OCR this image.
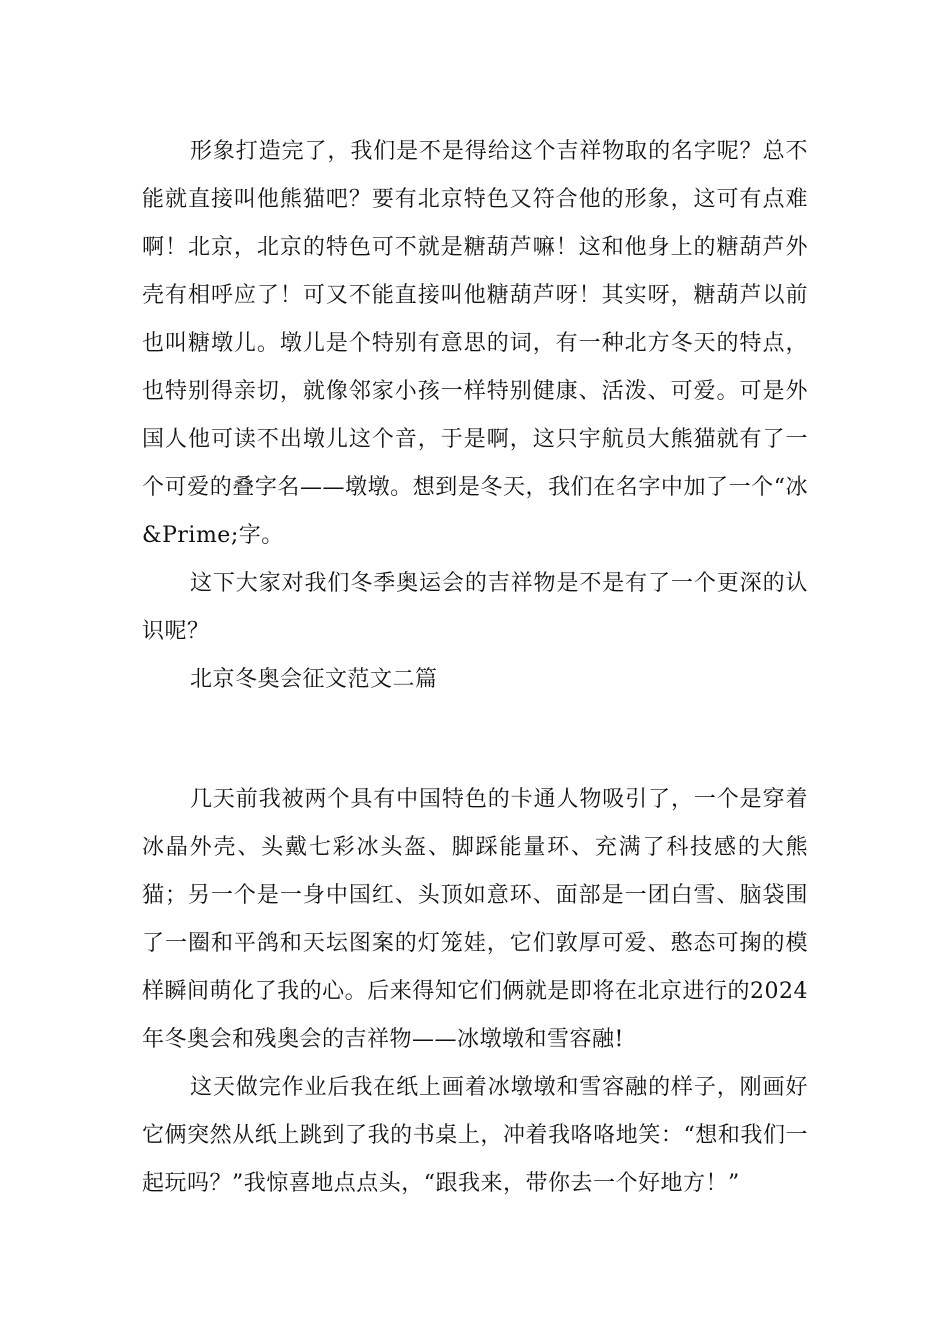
形象打造完了，我们是不是得给这个吉祥物取的名字呢？总不能就直接叫他熊猫吧？要有北京特色又符合他的形象，这可有点难啊！北京，北京的特色可不就是糖葫芦嘛！这和他身上的糖葫芦外壳有相呼应了！可又不能直接叫他糖葫芦呀！其实呀，糖葫芦以前也叫糖墩儿。墩儿是个特别有意思的词，有一种北方冬天的特点，也特别得亲切，就像邻家小孩一样特别健康、活泼、可爱。可是外国人他可读不出墩儿这个音，于是啊，这只宇航员大熊猫就有了一个可爱的叠字名——墩墩。想到是冬天，我们在名字中加了一个“冰&Prime;字。

这下大家对我们冬季奥运会的吉祥物是不是有了一个更深的认识呢？

北京冬奥会征文范文二篇

几天前我被两个具有中国特色的卡通人物吸引了，一个是穿着冰晶外壳、头戴七彩冰头盔、脚踩能量环、充满了科技感的大熊猫；另一个是一身中国红、头顶如意环、面部是一团白雪、脑袋围了一圈和平鸽和天坛图案的灯笼娃，它们敦厚可爱、憨态可掬的模样瞬间萌化了我的心。后来得知它们俩就是即将在北京进行的2024年冬奥会和残奥会的吉祥物——冰墩墩和雪容融!

这天做完作业后我在纸上画着冰墩墩和雪容融的样子，刚画好它俩突然从纸上跳到了我的书桌上，冲着我咯咯地笑：“想和我们一起玩吗？”我惊喜地点点头，“跟我来，带你去一个好地方！”
